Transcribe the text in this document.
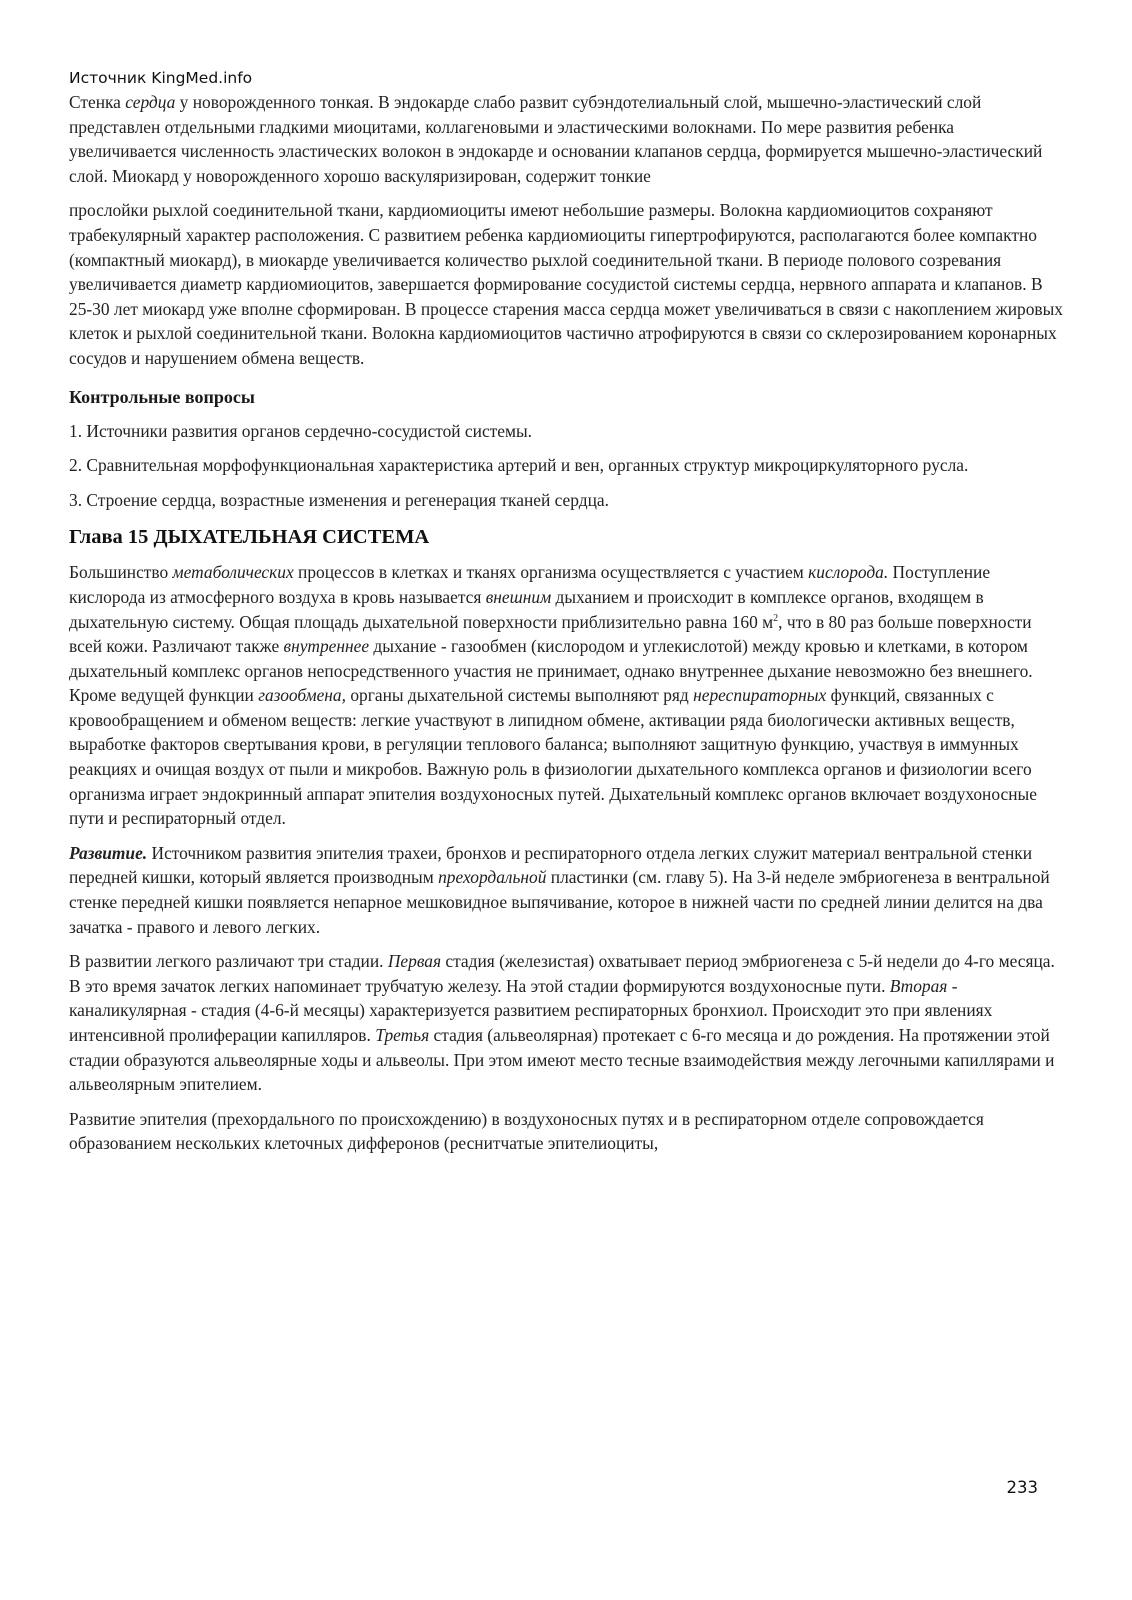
Источник KingMed.info

Стенка сердца у новорожденного тонкая. В эндокарде слабо развит субэндотелиальный слой, мышечно-эластический слой представлен отдельными гладкими миоцитами, коллагеновыми и эластическими волокнами. По мере развития ребенка увеличивается численность эластических волокон в эндокарде и основании клапанов сердца, формируется мышечно-эластический слой. Миокард у новорожденного хорошо васкуляризирован, содержит тонкие

прослойки рыхлой соединительной ткани, кардиомиоциты имеют небольшие размеры. Волокна кардиомиоцитов сохраняют трабекулярный характер расположения. С развитием ребенка кардиомиоциты гипертрофируются, располагаются более компактно (компактный миокард), в миокарде увеличивается количество рыхлой соединительной ткани. В периоде полового созревания увеличивается диаметр кардиомиоцитов, завершается формирование сосудистой системы сердца, нервного аппарата и клапанов. В 25-30 лет миокард уже вполне сформирован. В процессе старения масса сердца может увеличиваться в связи с накоплением жировых клеток и рыхлой соединительной ткани. Волокна кардиомиоцитов частично атрофируются в связи со склерозированием коронарных сосудов и нарушением обмена веществ.

Контрольные вопросы

1. Источники развития органов сердечно-сосудистой системы.

2. Сравнительная морфофункциональная характеристика артерий и вен, органных структур микроциркуляторного русла.

3. Строение сердца, возрастные изменения и регенерация тканей сердца.

Глава 15 ДЫХАТЕЛЬНАЯ СИСТЕМА

Большинство метаболических процессов в клетках и тканях организма осуществляется с участием кислорода. Поступление кислорода из атмосферного воздуха в кровь называется внешним дыханием и происходит в комплексе органов, входящем в дыхательную систему. Общая площадь дыхательной поверхности приблизительно равна 160 $м^2$, что в 80 раз больше поверхности всей кожи. Различают также внутреннее дыхание - газообмен (кислородом и углекислотой) между кровью и клетками, в котором дыхательный комплекс органов непосредственного участия не принимает, однако внутреннее дыхание невозможно без внешнего.

Кроме ведущей функции газообмена, органы дыхательной системы выполняют ряд нереспираторных функций, связанных с кровообращением и обменом веществ: легкие участвуют в липидном обмене, активации ряда биологически активных веществ, выработке факторов свертывания крови, в регуляции теплового баланса; выполняют защитную функцию, участвуя в иммунных реакциях и очищая воздух от пыли и микробов. Важную роль в физиологии дыхательного комплекса органов и физиологии всего организма играет эндокринный аппарат эпителия воздухоносных путей. Дыхательный комплекс органов включает воздухоносные пути и респираторный отдел.

Развитие. Источником развития эпителия трахеи, бронхов и респираторного отдела легких служит материал вентральной стенки передней кишки, который является производным прехордальной пластинки (см. главу 5). На 3-й неделе эмбриогенеза в вентральной стенке передней кишки появляется непарное мешковидное выпячивание, которое в нижней части по средней линии делится на два зачатка - правого и левого легких.

В развитии легкого различают три стадии. Первая стадия (железистая) охватывает период эмбриогенеза с 5-й недели до 4-го месяца. В это время зачаток легких напоминает трубчатую железу. На этой стадии формируются воздухоносные пути. Вторая - каналикулярная - стадия (4-6-й месяцы) характеризуется развитием респираторных бронхиол. Происходит это при явлениях интенсивной пролиферации капилляров. Третья стадия (альвеолярная) протекает с 6-го месяца и до рождения. На протяжении этой стадии образуются альвеолярные ходы и альвеолы. При этом имеют место тесные взаимодействия между легочными капиллярами и альвеолярным эпителием.

Развитие эпителия (прехордального по происхождению) в воздухоносных путях и в респираторном отделе сопровождается образованием нескольких клеточных дифферонов (реснитчатые эпителиоциты,

233
